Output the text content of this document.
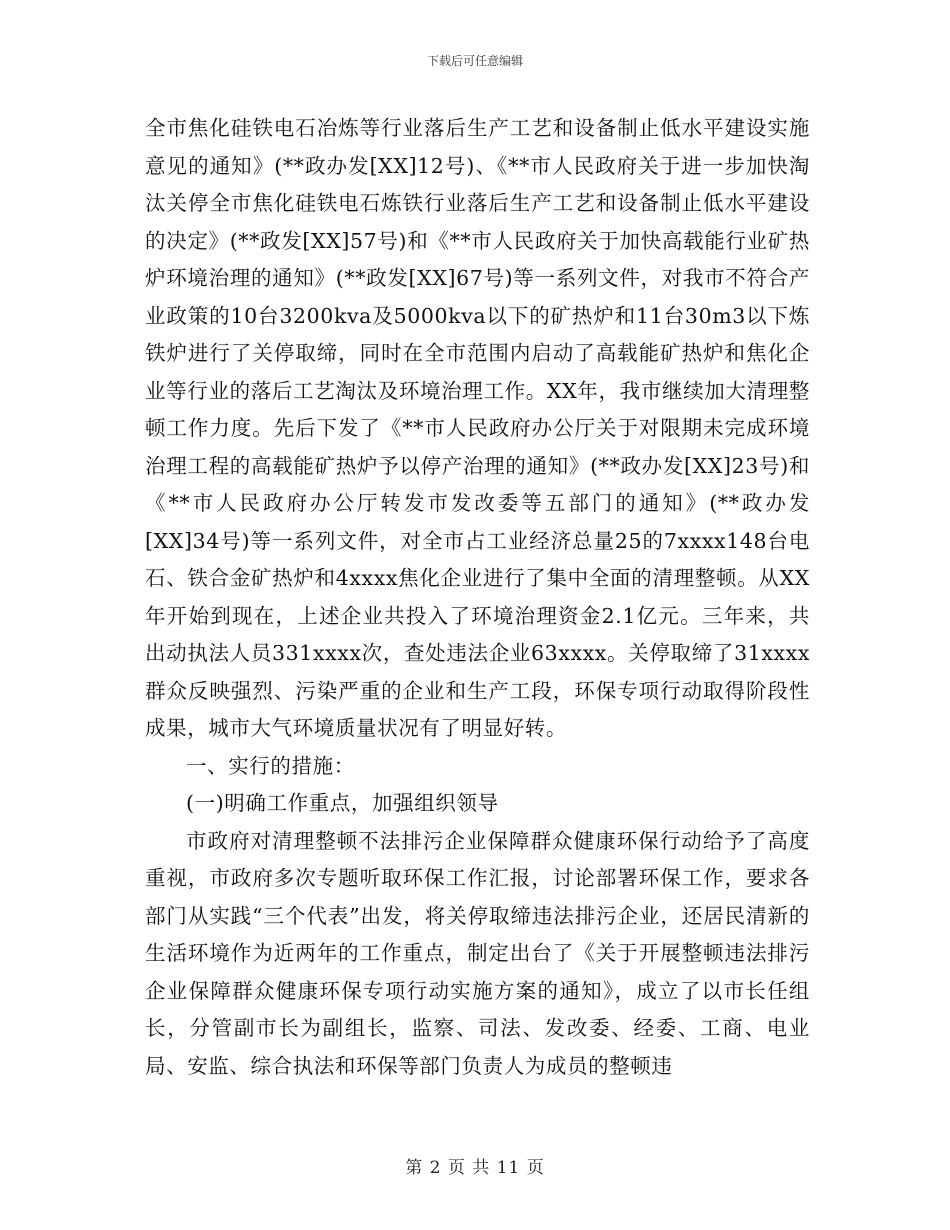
下载后可任意编辑

全市焦化硅铁电石冶炼等行业落后生产工艺和设备制止低水平建设实施意见的通知》(**政办发[XX]12号)、《**市人民政府关于进一步加快淘汰关停全市焦化硅铁电石炼铁行业落后生产工艺和设备制止低水平建设的决定》(**政发[XX]57号)和《**市人民政府关于加快高载能行业矿热炉环境治理的通知》(**政发[XX]67号)等一系列文件，对我市不符合产业政策的10台3200kva及5000kva以下的矿热炉和11台30m3以下炼铁炉进行了关停取缔，同时在全市范围内启动了高载能矿热炉和焦化企业等行业的落后工艺淘汰及环境治理工作。XX年，我市继续加大清理整顿工作力度。先后下发了《**市人民政府办公厅关于对限期未完成环境治理工程的高载能矿热炉予以停产治理的通知》(**政办发[XX]23号)和《**市人民政府办公厅转发市发改委等五部门的通知》(**政办发[XX]34号)等一系列文件，对全市占工业经济总量25的7xxxx148台电石、铁合金矿热炉和4xxxx焦化企业进行了集中全面的清理整顿。从XX年开始到现在，上述企业共投入了环境治理资金2.1亿元。三年来，共出动执法人员331xxxx次，查处违法企业63xxxx。关停取缔了31xxxx群众反映强烈、污染严重的企业和生产工段，环保专项行动取得阶段性成果，城市大气环境质量状况有了明显好转。

一、实行的措施：

(一)明确工作重点，加强组织领导

市政府对清理整顿不法排污企业保障群众健康环保行动给予了高度重视，市政府多次专题听取环保工作汇报，讨论部署环保工作，要求各部门从实践“三个代表”出发，将关停取缔违法排污企业，还居民清新的生活环境作为近两年的工作重点，制定出台了《关于开展整顿违法排污企业保障群众健康环保专项行动实施方案的通知》，成立了以市长任组长，分管副市长为副组长，监察、司法、发改委、经委、工商、电业局、安监、综合执法和环保等部门负责人为成员的整顿违

第 2 页 共 11 页
